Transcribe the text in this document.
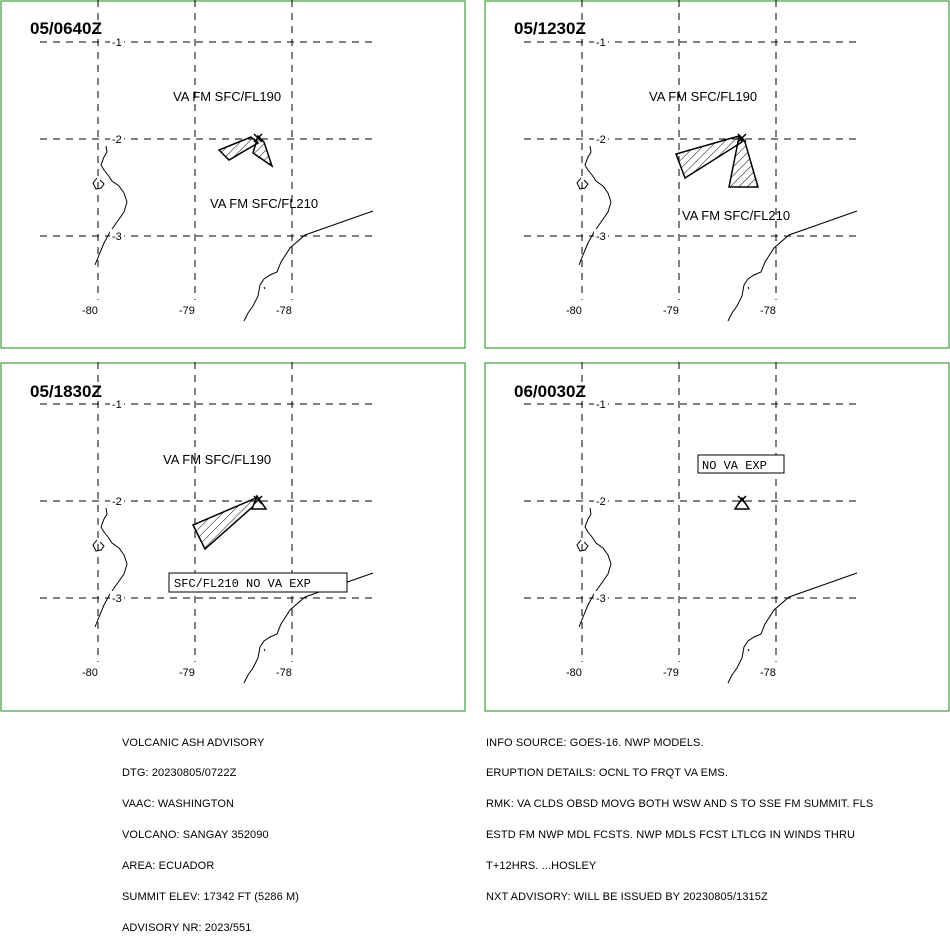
-1
-2
-3
-80	-79	-78
05/0640Z
VA FM SFC/FL190
VA FM SFC/FL210
-1
-2
-3
-80	-79	-78
05/1230Z
VA FM SFC/FL190
VA FM SFC/FL210
-1
-2
-3
-80	-79	-78
05/1830Z
VA FM SFC/FL190
SFC/FL210 NO VA EXP
-1
-2
-3
-80	-79	-78
06/0030Z
NO VA EXP

VOLCANIC ASH ADVISORY

DTG: 20230805/0722Z

VAAC: WASHINGTON

VOLCANO: SANGAY 352090

AREA: ECUADOR

SUMMIT ELEV: 17342 FT (5286 M)

ADVISORY NR: 2023/551

INFO SOURCE: GOES-16. NWP MODELS.

ERUPTION DETAILS: OCNL TO FRQT VA EMS.

RMK: VA CLDS OBSD MOVG BOTH WSW AND S TO SSE FM SUMMIT. FLS

ESTD FM NWP MDL FCSTS. NWP MDLS FCST LTLCG IN WINDS THRU

T+12HRS. ...HOSLEY

NXT ADVISORY: WILL BE ISSUED BY 20230805/1315Z
